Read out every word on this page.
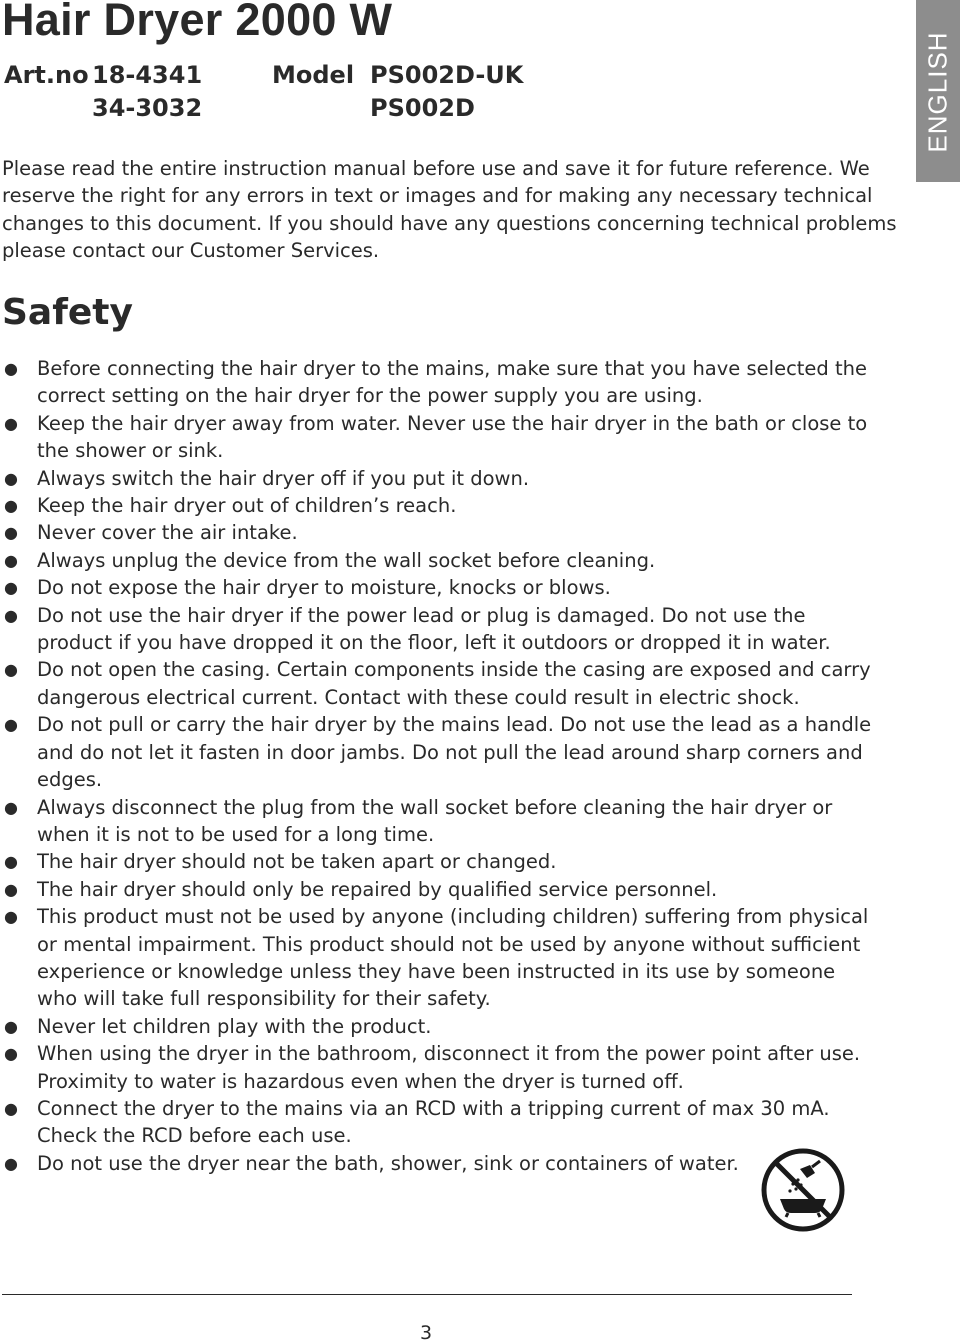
Hair Dryer 2000 W
Art.no 18-4341
34-3032
Model PS002D-UK
PS002D	ENGLISH

Please read the entire instruction manual before use and save it for future reference. We reserve the right for any errors in text or images and for making any necessary technical changes to this document. If you should have any questions concerning technical problems please contact our Customer Services.

Safety
● Before connecting the hair dryer to the mains, make sure that you have selected the correct setting on the hair dryer for the power supply you are using.
● Keep the hair dryer away from water. Never use the hair dryer in the bath or close to the shower or sink.
● Always switch the hair dryer off if you put it down.
● Keep the hair dryer out of children’s reach.
● Never cover the air intake.
● Always unplug the device from the wall socket before cleaning.
● Do not expose the hair dryer to moisture, knocks or blows.
● Do not use the hair dryer if the power lead or plug is damaged. Do not use the product if you have dropped it on the floor, left it outdoors or dropped it in water.
● Do not open the casing. Certain components inside the casing are exposed and carry dangerous electrical current. Contact with these could result in electric shock.
● Do not pull or carry the hair dryer by the mains lead. Do not use the lead as a handle and do not let it fasten in door jambs. Do not pull the lead around sharp corners and edges.
● Always disconnect the plug from the wall socket before cleaning the hair dryer or when it is not to be used for a long time.
● The hair dryer should not be taken apart or changed.
● The hair dryer should only be repaired by qualified service personnel.
● This product must not be used by anyone (including children) suffering from physical or mental impairment. This product should not be used by anyone without sufficient experience or knowledge unless they have been instructed in its use by someone who will take full responsibility for their safety.
● Never let children play with the product.
● When using the dryer in the bathroom, disconnect it from the power point after use. Proximity to water is hazardous even when the dryer is turned off.
● Connect the dryer to the mains via an RCD with a tripping current of max 30 mA. Check the RCD before each use.
● Do not use the dryer near the bath, shower, sink or containers of water.
3
